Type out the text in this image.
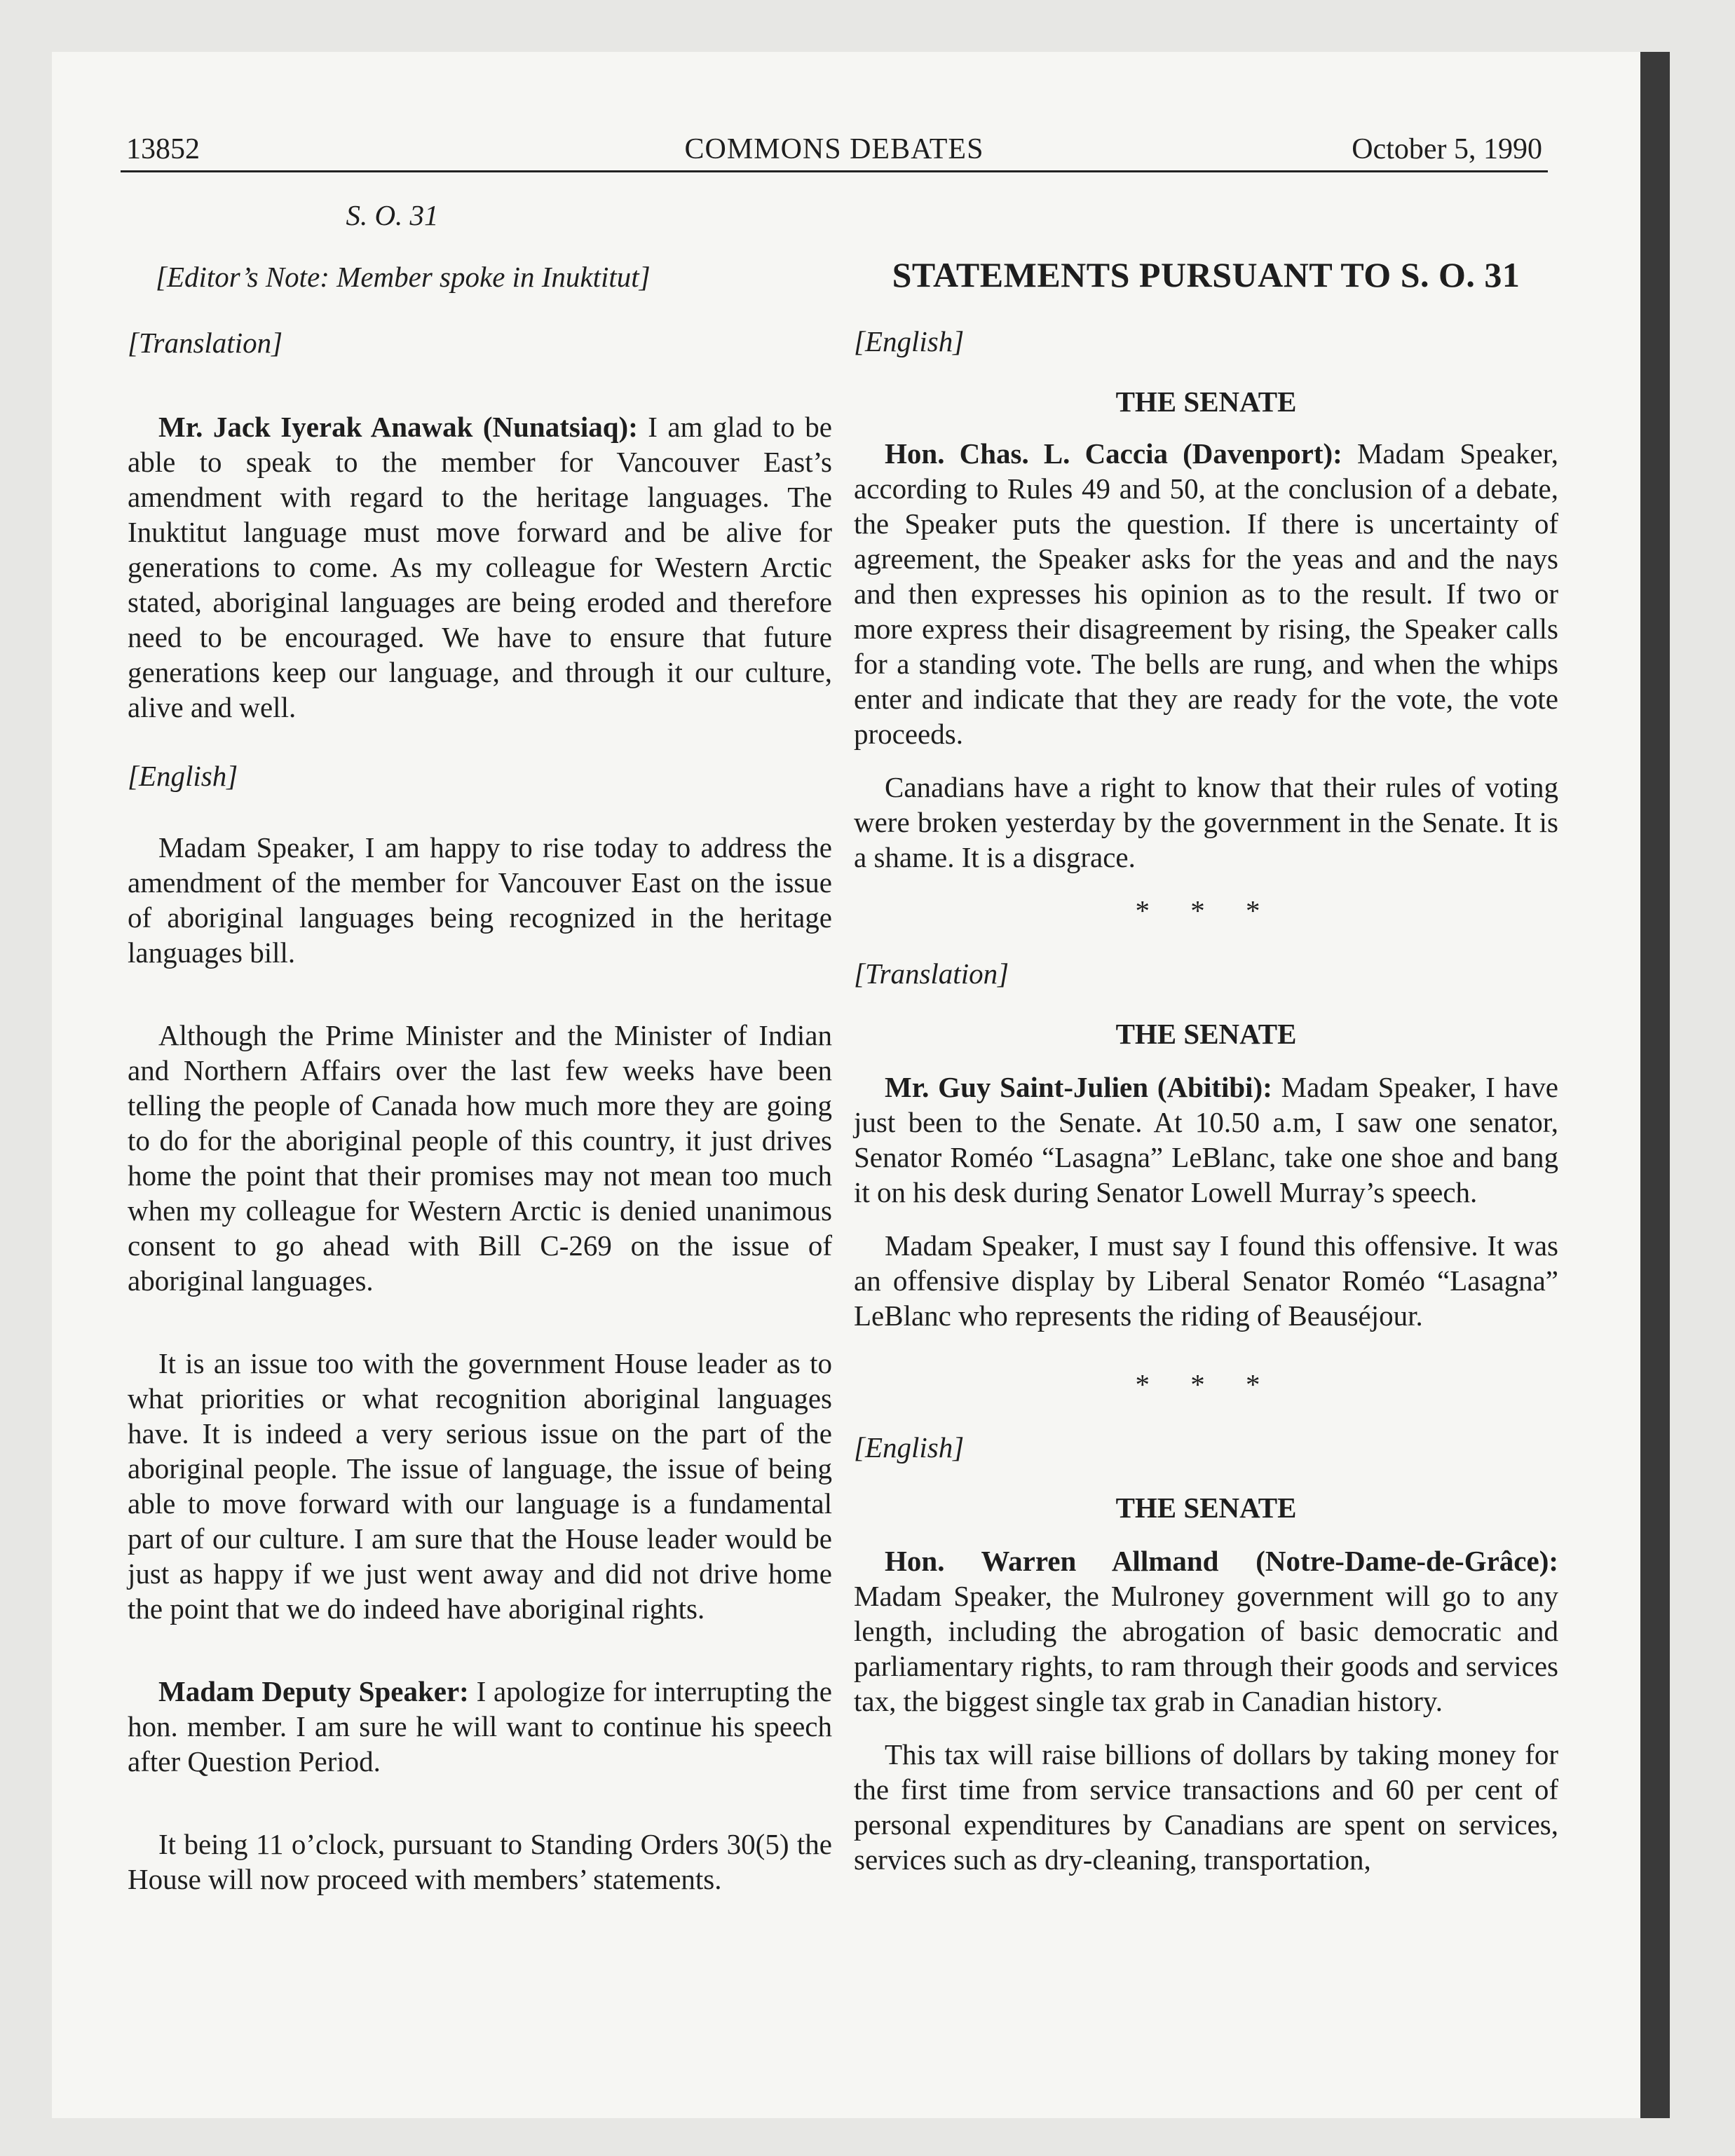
13852	COMMONS DEBATES	October 5, 1990

S. O. 31

[Editor’s Note: Member spoke in Inuktitut]

[Translation]

Mr. Jack Iyerak Anawak (Nunatsiaq): I am glad to be able to speak to the member for Vancouver East’s amendment with regard to the heritage languages. The Inuktitut language must move forward and be alive for generations to come. As my colleague for Western Arctic stated, aboriginal languages are being eroded and therefore need to be encouraged. We have to ensure that future generations keep our language, and through it our culture, alive and well.

[English]

Madam Speaker, I am happy to rise today to address the amendment of the member for Vancouver East on the issue of aboriginal languages being recognized in the heritage languages bill.

Although the Prime Minister and the Minister of Indian and Northern Affairs over the last few weeks have been telling the people of Canada how much more they are going to do for the aboriginal people of this country, it just drives home the point that their promises may not mean too much when my colleague for Western Arctic is denied unanimous consent to go ahead with Bill C-269 on the issue of aboriginal languages.

It is an issue too with the government House leader as to what priorities or what recognition aboriginal languages have. It is indeed a very serious issue on the part of the aboriginal people. The issue of language, the issue of being able to move forward with our language is a fundamental part of our culture. I am sure that the House leader would be just as happy if we just went away and did not drive home the point that we do indeed have aboriginal rights.

Madam Deputy Speaker: I apologize for interrupting the hon. member. I am sure he will want to continue his speech after Question Period.

It being 11 o’clock, pursuant to Standing Orders 30(5) the House will now proceed with members’ statements.

STATEMENTS PURSUANT TO S. O. 31

[English]

THE SENATE

Hon. Chas. L. Caccia (Davenport): Madam Speaker, according to Rules 49 and 50, at the conclusion of a debate, the Speaker puts the question. If there is uncertainty of agreement, the Speaker asks for the yeas and and the nays and then expresses his opinion as to the result. If two or more express their disagreement by rising, the Speaker calls for a standing vote. The bells are rung, and when the whips enter and indicate that they are ready for the vote, the vote proceeds.

Canadians have a right to know that their rules of voting were broken yesterday by the government in the Senate. It is a shame. It is a disgrace.

* * *

[Translation]

THE SENATE

Mr. Guy Saint-Julien (Abitibi): Madam Speaker, I have just been to the Senate. At 10.50 a.m, I saw one senator, Senator Roméo “Lasagna” LeBlanc, take one shoe and bang it on his desk during Senator Lowell Murray’s speech.

Madam Speaker, I must say I found this offensive. It was an offensive display by Liberal Senator Roméo “Lasagna” LeBlanc who represents the riding of Beauséjour.

* * *

[English]

THE SENATE

Hon. Warren Allmand (Notre-Dame-de-Grâce): Madam Speaker, the Mulroney government will go to any length, including the abrogation of basic democratic and parliamentary rights, to ram through their goods and services tax, the biggest single tax grab in Canadian history.

This tax will raise billions of dollars by taking money for the first time from service transactions and 60 per cent of personal expenditures by Canadians are spent on services, services such as dry-cleaning, transportation,
